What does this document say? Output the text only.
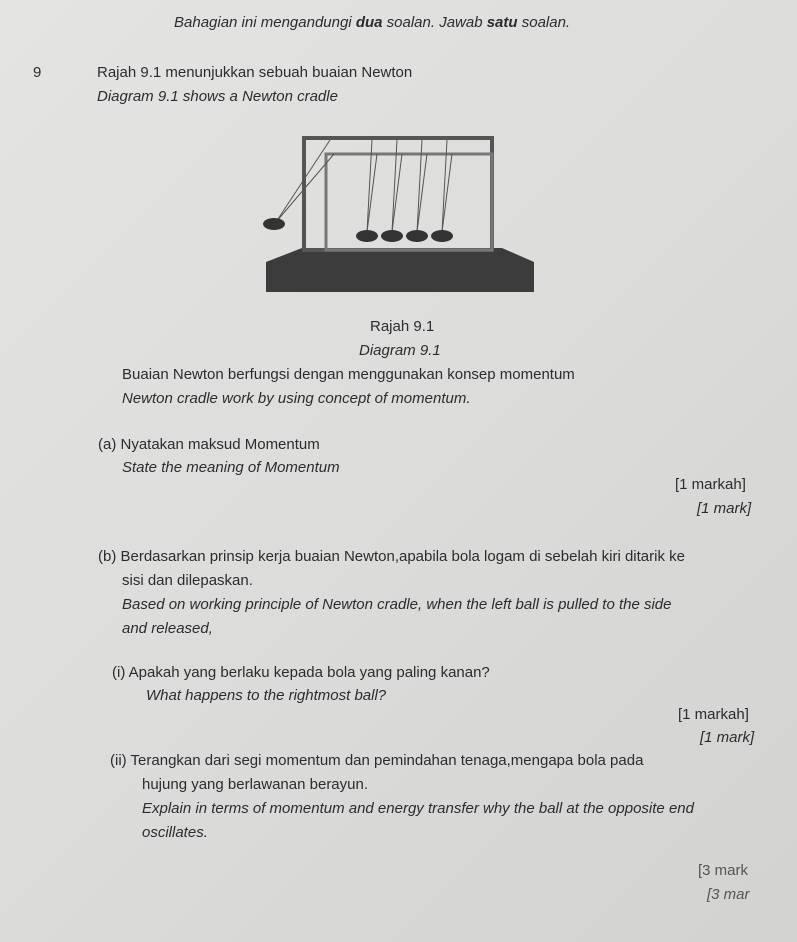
Bahagian ini mengandungi dua soalan. Jawab satu soalan.
9	Rajah 9.1 menunjukkan sebuah buaian Newton
Diagram 9.1 shows a Newton cradle
Rajah 9.1
Diagram 9.1
Buaian Newton berfungsi dengan menggunakan konsep momentum
Newton cradle work by using concept of momentum.
(a) Nyatakan maksud Momentum
State the meaning of Momentum
[1 markah]
[1 mark]
(b) Berdasarkan prinsip kerja buaian Newton,apabila bola logam di sebelah kiri ditarik ke
sisi dan dilepaskan.
Based on working principle of Newton cradle, when the left ball is pulled to the side
and released,
(i) Apakah yang berlaku kepada bola yang paling kanan?
What happens to the rightmost ball?
[1 markah]
[1 mark]
(ii) Terangkan dari segi momentum dan pemindahan tenaga,mengapa bola pada
hujung yang berlawanan berayun.
Explain in terms of momentum and energy transfer why the ball at the opposite end
oscillates.
[3 mark
[3 mar
